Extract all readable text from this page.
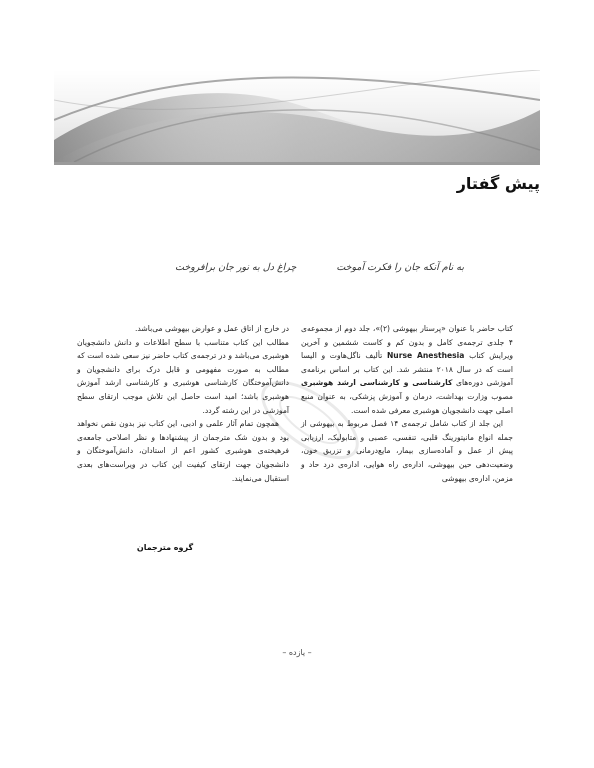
پیش گفتار
به نام آنکه جان را فکرت آموخت
چراغ دل به نور جان برافروخت

کتاب حاضر با عنوان «پرستار بیهوشی (۲)»، جلد دوم از مجموعه‌ی ۴ جلدی ترجمه‌ی کامل و بدون کم و کاست ششمین و آخرین ویرایش کتاب Nurse Anesthesia تألیف ناگل‌هاوت و الیسا است که در سال ۲۰۱۸ منتشر شد. این کتاب بر اساس برنامه‌ی آموزشی دوره‌های کارشناسی و کارشناسی ارشد هوشبری مصوب وزارت بهداشت، درمان و آموزش پزشکی، به عنوان منبع اصلی جهت دانشجویان هوشبری معرفی شده است.

این جلد از کتاب شامل ترجمه‌ی ۱۴ فصل مربوط به بیهوشی از جمله انواع مانیتورینگ قلبی، تنفسی، عصبی و متابولیک، ارزیابی پیش از عمل و آماده‌سازی بیمار، مایع‌درمانی و تزریق خون، وضعیت‌دهی حین بیهوشی، اداره‌ی راه هوایی، اداره‌ی درد حاد و مزمن، اداره‌ی بیهوشی

در خارج از اتاق عمل و عوارض بیهوشی می‌باشد.

مطالب این کتاب متناسب با سطح اطلاعات و دانش دانشجویان هوشبری می‌باشد و در ترجمه‌ی کتاب حاضر نیز سعی شده است که مطالب به صورت مفهومی و قابل درک برای دانشجویان و دانش‌آموختگان کارشناسی هوشبری و کارشناسی ارشد آموزش هوشبری باشد؛ امید است حاصل این تلاش موجب ارتقای سطح آموزشی در این رشته گردد.

همچون تمام آثار علمی و ادبی، این کتاب نیز بدون نقص نخواهد بود و بدون شک مترجمان از پیشنهادها و نظر اصلاحی جامعه‌ی فرهیخته‌ی هوشبری کشور اعم از استادان، دانش‌آموختگان و دانشجویان جهت ارتقای کیفیت این کتاب در ویراست‌های بعدی استقبال می‌نمایند.

گروه مترجمان
– یازده –
